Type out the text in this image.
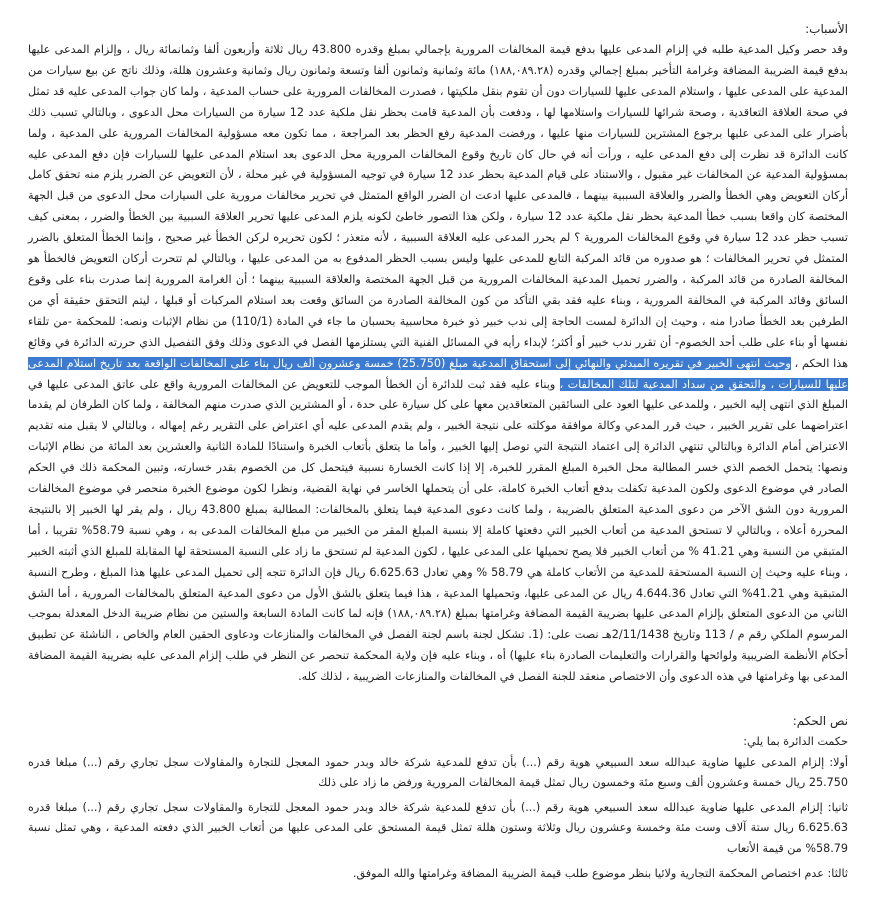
الأسباب:

وقد حصر وكيل المدعية طلبه في إلزام المدعى عليها بدفع قيمة المخالفات المرورية بإجمالي بمبلغ وقدره 43.800 ريال ثلاثة وأربعون ألفا وثمانمائة ريال ، وإلزام المدعى عليها بدفع قيمة الضريبة المضافة وغرامة التأخير بمبلغ إجمالي وقدره (١٨٨,٠٨٩.٢٨) مائة وثمانية وثمانون ألفا وتسعة وثمانون ريال وثمانية وعشرون هللة، وذلك ناتج عن بيع سيارات من المدعية على المدعى عليها ، واستلام المدعى عليها للسيارات دون أن تقوم بنقل ملكيتها ، فصدرت المخالفات المرورية على حساب المدعية ، ولما كان جواب المدعى عليه قد تمثل في صحة العلاقة التعاقدية ، وصحة شرائها للسيارات واستلامها لها ، ودفعت بأن المدعية قامت بحظر نقل ملكية عدد 12 سيارة من السيارات محل الدعوى ، وبالتالي تسبب ذلك بأضرار على المدعى عليها برجوع المشترين للسيارات منها عليها ، ورفضت المدعية رفع الحظر بعد المراجعة ، مما تكون معه مسؤولية المخالفات المرورية على المدعية ، ولما كانت الدائرة قد نظرت إلى دفع المدعى عليه ، ورأت أنه في حال كان تاريخ وقوع المخالفات المرورية محل الدعوى بعد استلام المدعى عليها للسيارات فإن دفع المدعى عليه بمسؤولية المدعية عن المخالفات غير مقبول ، والاستناد على قيام المدعية بحظر عدد 12 سيارة في توجيه المسؤولية في غير محلة ، لأن التعويض عن الضرر يلزم منه تحقق كامل أركان التعويض وهي الخطأ والضرر والعلاقة السببية بينهما ، فالمدعى عليها ادعت ان الضرر الواقع المتمثل في تحرير مخالفات مرورية على السيارات محل الدعوى من قبل الجهة المختصة كان واقعا بسبب خطأ المدعية بحظر نقل ملكية عدد 12 سيارة ، ولكن هذا التصور خاطئ لكونه يلزم المدعى عليها تحرير العلاقة السببية بين الخطأ والضرر ، بمعنى كيف تسبب حظر عدد 12 سيارة في وقوع المخالفات المرورية ؟ لم يحرر المدعى عليه العلاقة السببية ، لأنه متعذر ؛ لكون تحريره لركن الخطأ غير صحيح ، وإنما الخطأ المتعلق بالضرر المتمثل في تحرير المخالفات ؛ هو صدوره من قائد المركبة التابع للمدعى عليها وليس بسبب الحظر المدفوع به من المدعى عليها ، وبالتالي لم تتحرت أركان التعويض فالخطأ هو المخالفة الصادرة من قائد المركبة ، والضرر تحميل المدعية المخالفات المرورية من قبل الجهة المختصة والعلاقة السببية بينهما ؛ أن الغرامة المرورية إنما صدرت بناء على وقوع السائق وقائد المركبة في المخالفة المرورية ، وبناء عليه فقد بقي التأكد من كون المخالفة الصادرة من السائق وقعت بعد استلام المركبات أو قبلها ، ليتم التحقق حقيقة أي من الطرفين بعد الخطأ صادرا منه ، وحيث إن الدائرة لمست الحاجة إلى ندب خبير ذو خبرة محاسبية بحسبان ما جاء في المادة (110/1) من نظام الإثبات ونصه: للمحكمة -من تلقاء نفسها أو بناء على طلب أحد الخصوم- أن تقرر ندب خبير أو أكثر؛ لإبداء رأيه في المسائل الفنية التي يستلزمها الفصل في الدعوى وذلك وفق التفصيل الذي حررته الدائرة في وقائع هذا الحكم ، وحيث انتهى الخبير في تقريره المبدئي والنهائي إلى استحقاق المدعية مبلغ (25.750) خمسة وعشرون ألف ريال بناء على المخالفات الواقعة بعد تاريخ استلام المدعى عليها للسيارات ، والتحقق من سداد المدعية لتلك المخالفات ، وبناء عليه فقد ثبت للدائرة أن الخطأ الموجب للتعويض عن المخالفات المرورية واقع على عاتق المدعى عليها في المبلغ الذي انتهى إليه الخبير ، وللمدعى عليها العود على السائقين المتعاقدين معها على كل سيارة على حدة ، أو المشترين الذي صدرت منهم المخالفة ، ولما كان الطرفان لم يقدما اعتراضهما على تقرير الخبير ، حيث قرر المدعي وكالة موافقة موكلته على نتيجة الخبير ، ولم يقدم المدعى عليه أي اعتراض على التقرير رغم إمهاله ، وبالتالي لا يقبل منه تقديم الاعتراض أمام الدائرة وبالتالي تنتهي الدائرة إلى اعتماد النتيجة التي توصل إليها الخبير ، وأما ما يتعلق بأتعاب الخبرة واستنادًا للمادة الثانية والعشرين بعد المائة من نظام الإثبات ونصها: يتحمل الخصم الذي خسر المطالبة محل الخبرة المبلغ المقرر للخبرة، إلا إذا كانت الخسارة نسبية فيتحمل كل من الخصوم بقدر خسارته، وتبين المحكمة ذلك في الحكم الصادر في موضوع الدعوى ولكون المدعية تكفلت بدفع أتعاب الخبرة كاملة، على أن يتحملها الخاسر في نهاية القضية، ونظرا لكون موضوع الخبرة منحصر في موضوع المخالفات المرورية دون الشق الآخر من دعوى المدعية المتعلق بالضريبة ، ولما كانت دعوى المدعية فيما يتعلق بالمخالفات: المطالبة بمبلغ 43.800 ريال ، ولم يقر لها الخبير إلا بالنتيجة المحررة أعلاه ، وبالتالي لا تستحق المدعية من أتعاب الخبير التي دفعتها كاملة إلا بنسبة المبلغ المقر من الخبير من مبلغ المخالفات المدعى به ، وهي نسبة 58.79% تقريبا ، أما المتبقي من النسبة وهي 41.21 % من أتعاب الخبير فلا يصح تحميلها على المدعى عليها ، لكون المدعية لم تستحق ما زاد على النسبة المستحقة لها المقابلة للمبلغ الذي أثبته الخبير ، وبناء عليه وحيث إن النسبة المستحقة للمدعية من الأتعاب كاملة هي 58.79 % وهي تعادل 6.625.63 ريال فإن الدائرة تتجه إلى تحميل المدعى عليها هذا المبلغ ، وطرح النسبة المتبقية وهي 41.21% التي تعادل 4.644.36 ريال عن المدعى عليها، وتحميلها المدعية ، هذا فيما يتعلق بالشق الأول من دعوى المدعية المتعلق بالمخالفات المرورية ، أما الشق الثاني من الدعوى المتعلق بإلزام المدعى عليها بضريبة القيمة المضافة وغرامتها بمبلغ (١٨٨,٠٨٩.٢٨) فإنه لما كانت المادة السابعة والستين من نظام ضريبة الدخل المعدلة بموجب المرسوم الملكي رقم م / 113 وتاريخ 2/11/1438هـ نصت على: (1. تشكل لجنة باسم لجنة الفصل في المخالفات والمنازعات ودعاوى الحقين العام والخاص ، الناشئة عن تطبيق أحكام الأنظمة الضريبية ولوائحها والقرارات والتعليمات الصادرة بناء عليها) أه ، وبناء عليه فإن ولاية المحكمة تنحصر عن النظر في طلب إلزام المدعى عليه بضريبة القيمة المضافة المدعى بها وغرامتها في هذه الدعوى وأن الاختصاص منعقد للجنة الفصل في المخالفات والمنازعات الضريبية ، لذلك كله.

نص الحكم:
حكمت الدائرة بما يلي:

أولا: إلزام المدعى عليها ضاوية عبدالله سعد السبيعي هوية رقم (...) بأن تدفع للمدعية شركة خالد وبدر حمود المعجل للتجارة والمقاولات سجل تجاري رقم (...) مبلغا قدره 25.750 ريال خمسة وعشرون ألف وسبع مئة وخمسون ريال تمثل قيمة المخالفات المرورية ورفض ما زاد على ذلك

ثانيا: إلزام المدعى عليها ضاوية عبدالله سعد السبيعي هوية رقم (...) بأن تدفع للمدعية شركة خالد وبدر حمود المعجل للتجارة والمقاولات سجل تجاري رقم (...) مبلغا قدره 6.625.63 ريال ستة آلاف وست مئة وخمسة وعشرون ريال وثلاثة وستون هللة تمثل قيمة المستحق على المدعى عليها من أتعاب الخبير الذي دفعته المدعية ، وهي تمثل نسبة 58.79% من قيمة الأتعاب

ثالثا: عدم اختصاص المحكمة التجارية ولائيا بنظر موضوع طلب قيمة الضريبة المضافة وغرامتها والله الموفق.
